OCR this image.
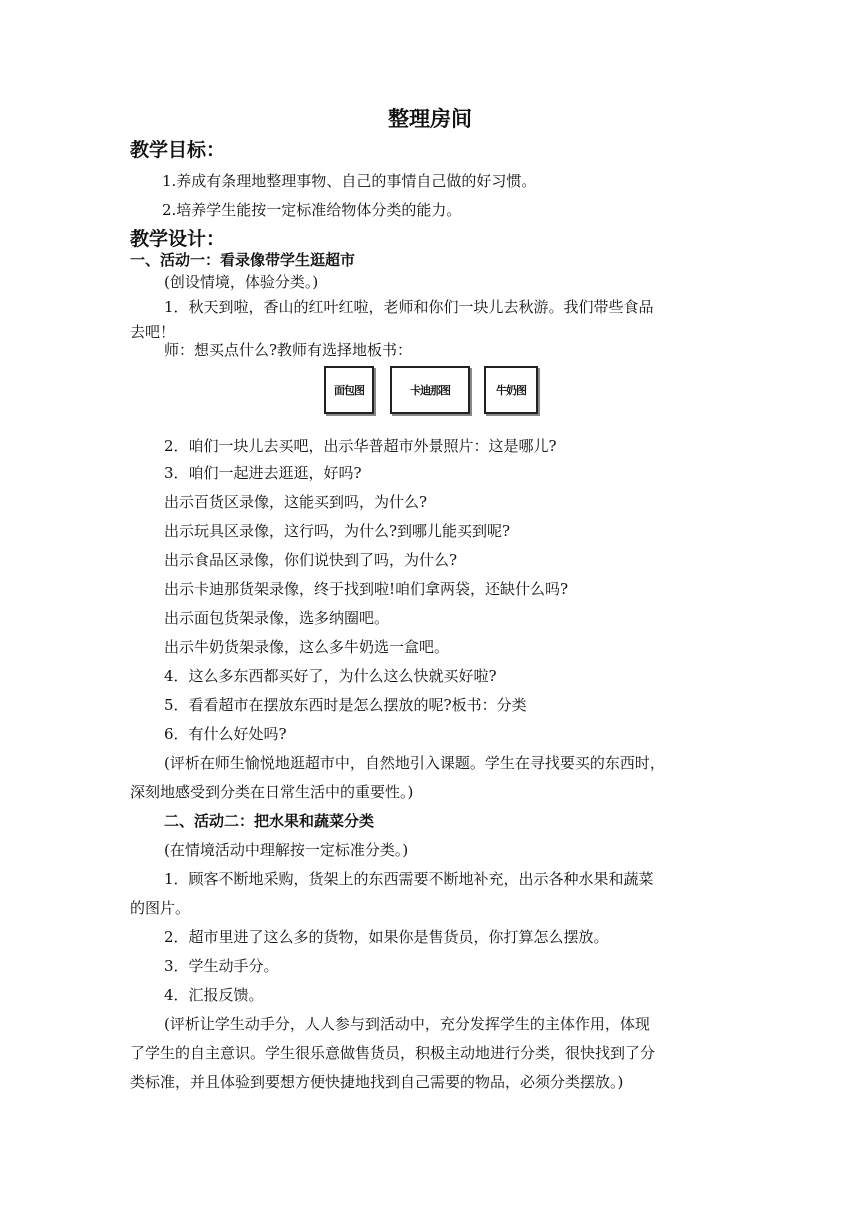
整理房间
教学目标：
1.养成有条理地整理事物、自己的事情自己做的好习惯。
2.培养学生能按一定标准给物体分类的能力。
教学设计：
一、活动一：看录像带学生逛超市
(创设情境，体验分类。)
1．秋天到啦，香山的红叶红啦，老师和你们一块儿去秋游。我们带些食品
去吧！
师：想买点什么?教师有选择地板书：
面包图	卡迪那图	牛奶图
2．咱们一块儿去买吧，出示华普超市外景照片：这是哪儿?
3．咱们一起进去逛逛，好吗?
出示百货区录像，这能买到吗，为什么?
出示玩具区录像，这行吗，为什么?到哪儿能买到呢?
出示食品区录像，你们说快到了吗，为什么?
出示卡迪那货架录像，终于找到啦!咱们拿两袋，还缺什么吗?
出示面包货架录像，选多纳圈吧。
出示牛奶货架录像，这么多牛奶选一盒吧。
4．这么多东西都买好了，为什么这么快就买好啦?
5．看看超市在摆放东西时是怎么摆放的呢?板书：分类
6．有什么好处吗?
(评析在师生愉悦地逛超市中，自然地引入课题。学生在寻找要买的东西时，
深刻地感受到分类在日常生活中的重要性。)
二、活动二：把水果和蔬菜分类
(在情境活动中理解按一定标准分类。)
1．顾客不断地采购，货架上的东西需要不断地补充，出示各种水果和蔬菜
的图片。
2．超市里进了这么多的货物，如果你是售货员，你打算怎么摆放。
3．学生动手分。
4．汇报反馈。
(评析让学生动手分，人人参与到活动中，充分发挥学生的主体作用，体现
了学生的自主意识。学生很乐意做售货员，积极主动地进行分类，很快找到了分
类标准，并且体验到要想方便快捷地找到自己需要的物品，必须分类摆放。)
